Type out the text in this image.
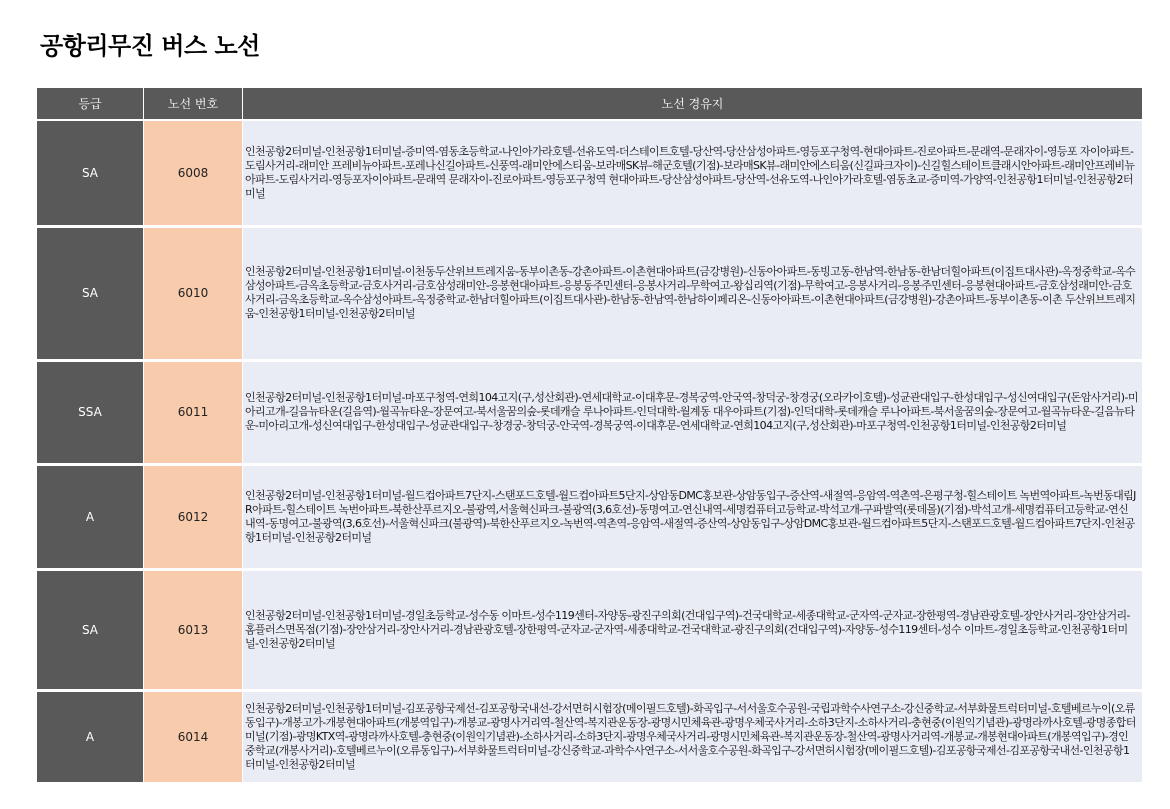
공항리무진 버스 노선
등급	노선 번호	노선 경유지
SA	6008	인천공항2터미널-인천공항1터미널-증미역-염동초등학교-나인아가라호텔-선유도역-더스테이트호텔-당산역-당산삼성아파트-영등포구청역-현대아파트-진로아파트-문래역-문래자이-영등포 자이아파트-도림사거리-래미안 프레비뉴아파트-포레나신길아파트-신풍역-래미안에스티움-보라매SK뷰-해군호텔(기점)-보라매SK뷰-래미안에스티움(신길파크자이)-신길힐스테이트클래시안아파트-래미안프레비뉴아파트-도림사거리-영등포자이아파트-문래역 문래자이-진로아파트-영등포구청역 현대아파트-당산삼성아파트-당산역-선유도역-나인아가라호텔-염동초교-증미역-가양역-인천공항1터미널-인천공항2터미널

SA	6010	인천공항2터미널-인천공항1터미널-이천동두산위브트레지움-동부이촌동-강촌아파트-이촌현대아파트(금강병원)-신동아아파트-동빙고동-한남역-한남동-한남더힐아파트(이집트대사관)-옥정중학교-옥수삼성아파트-금옥초등학교-금호사거리-금호삼성래미안-응봉현대아파트-응봉동주민센터-응봉사거리-무학여고-왕십리역(기점)-무학여고-응봉사거리-응봉주민센터-응봉현대아파트-금호삼성래미안-금호사거리-금옥초등학교-옥수삼성아파트-옥정중학교-한남더힐아파트(이집트대사관)-한남동-한남역-한남하이페리온-신동아아파트-이촌현대아파트(금강병원)-강촌아파트-동부이촌동-이촌 두산위브트레지움-인천공항1터미널-인천공항2터미널

SSA	6011	인천공항2터미널-인천공항1터미널-마포구청역-연희104고지(구,성산회관)-연세대학교-이대후문-경복궁역-안국역-창덕궁-창경궁(오라카이호텔)-성균관대입구-한성대입구-성신여대입구(돈암사거리)-미아리고개-길음뉴타운(길음역)-월곡뉴타운-장문여고-북서울꿈의숲-롯데캐슬 루나아파트-인덕대학-월계동 대우아파트(기점)-인덕대학-롯데캐슬 루나아파트-북서울꿈의숲-장문여고-월곡뉴타운-길음뉴타운-미아리고개-성신여대입구-한성대입구-성균관대입구-창경궁-창덕궁-안국역-경복궁역-이대후문-연세대학교-연희104고지(구,성산회관)-마포구청역-인천공항1터미널-인천공항2터미널

A	6012	인천공항2터미널-인천공항1터미널-월드컵아파트7단지-스탠포드호텔-월드컵아파트5단지-상암동DMC홍보관-상암동입구-증산역-새절역-응암역-역촌역-은평구청-힐스테이트 녹번역아파트-녹번동대림JR아파트-힐스테이트 녹번아파트-북한산푸르지오-불광역,서울혁신파크-불광역(3,6호선)-동명여고-연신내역-세명컴퓨터고등학교-박석고개-구파발역(롯데몰)(기점)-박석고개-세명컴퓨터고등학교-연신내역-동명여고-불광역(3,6호선)-서울혁신파크(불광역)-북한산푸르지오-녹번역-역촌역-응암역-새절역-증산역-상암동입구-상암DMC홍보관-월드컵아파트5단지-스탠포드호텔-월드컵아파트7단지-인천공항1터미널-인천공항2터미널

SA	6013	인천공항2터미널-인천공항1터미널-경일초등학교-성수동 이마트-성수119센터-자양동-광진구의회(건대입구역)-건국대학교-세종대학교-군자역-군자교-장한평역-경남관광호텔-장안사거리-장안삼거리-홈플러스면목점(기점)-장안삼거리-장안사거리-경남관광호텔-장한평역-군자교-군자역-세종대학교-건국대학교-광진구의회(건대입구역)-자양동-성수119센터-성수 이마트-경일초등학교-인천공항1터미널-인천공항2터미널

A	6014	인천공항2터미널-인천공항1터미널-김포공항국제선-김포공항국내선-강서면허시험장(메이필드호텔)-화곡입구-서서울호수공원-국립과학수사연구소-강신중학교-서부화물트럭터미널-호텔베르누이(오류동입구)-개봉고가-개봉현대아파트(개봉역입구)-개봉교-광명사거리역-철산역-복지관운동장-광명시민체육관-광명우체국사거리-소하3단지-소하사거리-충현중(이원익기념관)-광명라까사호텔-광명종합터미널(기점)-광명KTX역-광명라까사호텔-충현중(이원익기념관)-소하사거리-소하3단지-광명우체국사거리-광명시민체육관-복지관운동장-철산역-광명사거리역-개봉교-개봉현대아파트(개봉역입구)-경인중학교(개봉사거리)-호텔베르누이(오류동입구)-서부화물트럭터미널-강신중학교-과학수사연구소-서서울호수공원-화곡입구-강서면허시험장(메이필드호텔)-김포공항국제선-김포공항국내선-인천공항1터미널-인천공항2터미널
